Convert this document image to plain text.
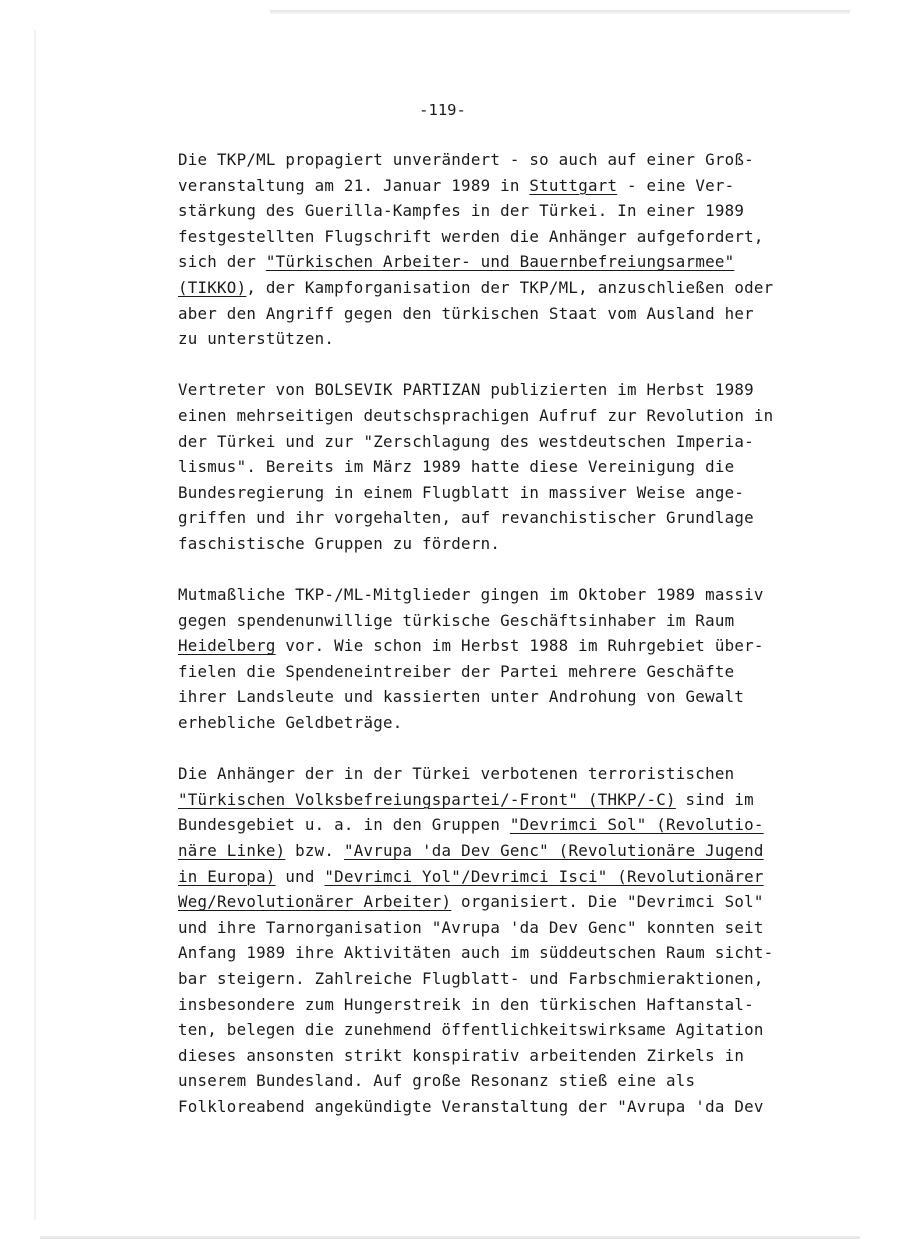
-119-
Die TKP/ML propagiert unverändert - so auch auf einer Groß-
veranstaltung am 21. Januar 1989 in Stuttgart - eine Ver-
stärkung des Guerilla-Kampfes in der Türkei. In einer 1989
festgestellten Flugschrift werden die Anhänger aufgefordert,
sich der "Türkischen Arbeiter- und Bauernbefreiungsarmee"
(TIKKO), der Kampforganisation der TKP/ML, anzuschließen oder
aber den Angriff gegen den türkischen Staat vom Ausland her
zu unterstützen.
Vertreter von BOLSEVIK PARTIZAN publizierten im Herbst 1989
einen mehrseitigen deutschsprachigen Aufruf zur Revolution in
der Türkei und zur "Zerschlagung des westdeutschen Imperia-
lismus". Bereits im März 1989 hatte diese Vereinigung die
Bundesregierung in einem Flugblatt in massiver Weise ange-
griffen und ihr vorgehalten, auf revanchistischer Grundlage
faschistische Gruppen zu fördern.
Mutmaßliche TKP-/ML-Mitglieder gingen im Oktober 1989 massiv
gegen spendenunwillige türkische Geschäftsinhaber im Raum
Heidelberg vor. Wie schon im Herbst 1988 im Ruhrgebiet über-
fielen die Spendeneintreiber der Partei mehrere Geschäfte
ihrer Landsleute und kassierten unter Androhung von Gewalt
erhebliche Geldbeträge.
Die Anhänger der in der Türkei verbotenen terroristischen
"Türkischen Volksbefreiungspartei/-Front" (THKP/-C) sind im
Bundesgebiet u. a. in den Gruppen "Devrimci Sol" (Revolutio-
näre Linke) bzw. "Avrupa 'da Dev Genc" (Revolutionäre Jugend
in Europa) und "Devrimci Yol"/Devrimci Isci" (Revolutionärer
Weg/Revolutionärer Arbeiter) organisiert. Die "Devrimci Sol"
und ihre Tarnorganisation "Avrupa 'da Dev Genc" konnten seit
Anfang 1989 ihre Aktivitäten auch im süddeutschen Raum sicht-
bar steigern. Zahlreiche Flugblatt- und Farbschmieraktionen,
insbesondere zum Hungerstreik in den türkischen Haftanstal-
ten, belegen die zunehmend öffentlichkeitswirksame Agitation
dieses ansonsten strikt konspirativ arbeitenden Zirkels in
unserem Bundesland. Auf große Resonanz stieß eine als
Folkloreabend angekündigte Veranstaltung der "Avrupa 'da Dev
